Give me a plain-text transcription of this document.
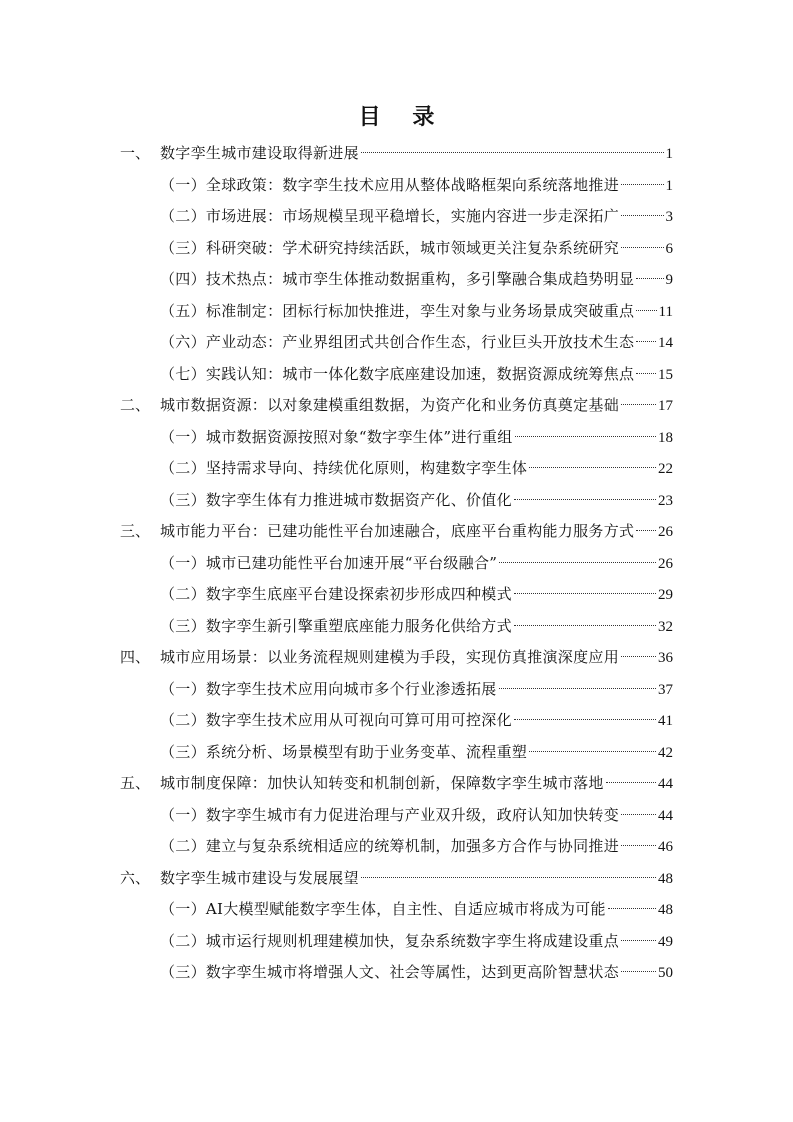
目 录
一、 数字孪生城市建设取得新进展	1
（一）全球政策：数字孪生技术应用从整体战略框架向系统落地推进	1
（二）市场进展：市场规模呈现平稳增长，实施内容进一步走深拓广	3
（三）科研突破：学术研究持续活跃，城市领域更关注复杂系统研究	6
（四）技术热点：城市孪生体推动数据重构，多引擎融合集成趋势明显 9
（五）标准制定：团标行标加快推进，孪生对象与业务场景成突破重点 11
（六）产业动态：产业界组团式共创合作生态，行业巨头开放技术生态 14
（七）实践认知：城市一体化数字底座建设加速，数据资源成统筹焦点 15
二、 城市数据资源：以对象建模重组数据，为资产化和业务仿真奠定基础	17
（一）城市数据资源按照对象“数字孪生体”进行重组	18
（二）坚持需求导向、持续优化原则，构建数字孪生体	22
（三）数字孪生体有力推进城市数据资产化、价值化	23
三、 城市能力平台：已建功能性平台加速融合，底座平台重构能力服务方式 26
（一）城市已建功能性平台加速开展“平台级融合”	26
（二）数字孪生底座平台建设探索初步形成四种模式	29
（三）数字孪生新引擎重塑底座能力服务化供给方式	32
四、 城市应用场景：以业务流程规则建模为手段，实现仿真推演深度应用	36
（一）数字孪生技术应用向城市多个行业渗透拓展	37
（二）数字孪生技术应用从可视向可算可用可控深化	41
（三）系统分析、场景模型有助于业务变革、流程重塑	42
五、 城市制度保障：加快认知转变和机制创新，保障数字孪生城市落地	44
（一）数字孪生城市有力促进治理与产业双升级，政府认知加快转变	44
（二）建立与复杂系统相适应的统筹机制，加强多方合作与协同推进	46
六、 数字孪生城市建设与发展展望	48
（一）AI大模型赋能数字孪生体，自主性、自适应城市将成为可能	48
（二）城市运行规则机理建模加快，复杂系统数字孪生将成建设重点	49
（三）数字孪生城市将增强人文、社会等属性，达到更高阶智慧状态	50
